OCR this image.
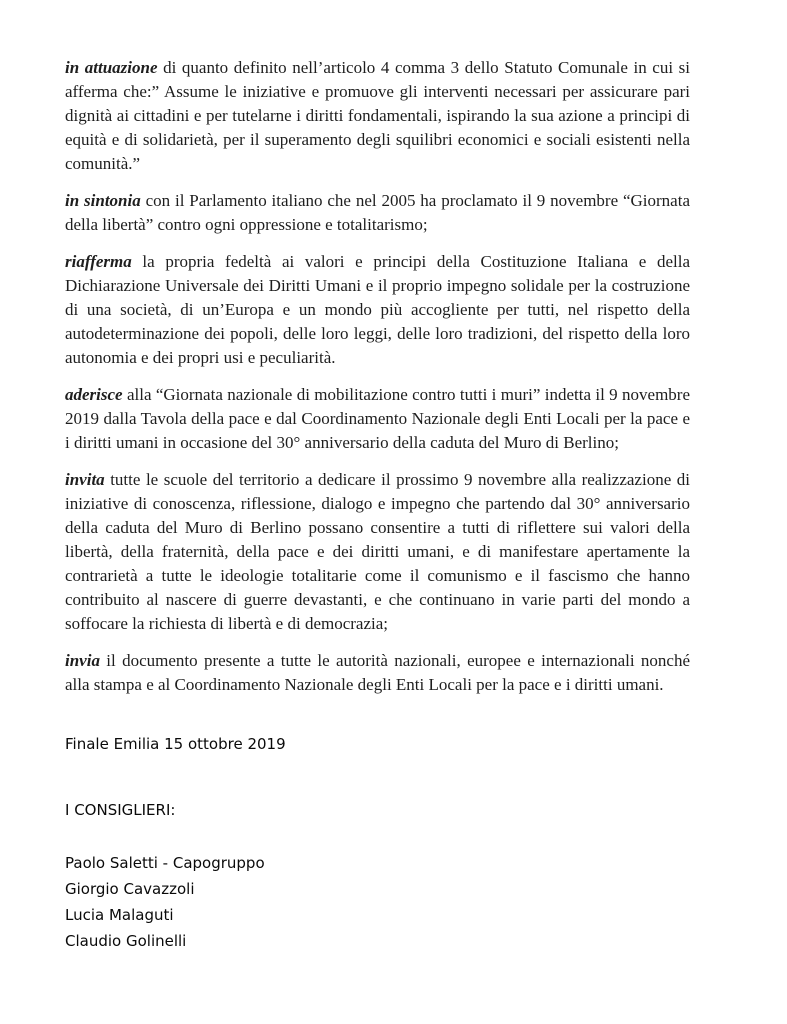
in attuazione di quanto definito nell’articolo 4 comma 3 dello Statuto Comunale in cui si afferma che:” Assume le iniziative e promuove gli interventi necessari per assicurare pari dignità ai cittadini e per tutelarne i diritti fondamentali, ispirando la sua azione a principi di equità e di solidarietà, per il superamento degli squilibri economici e sociali esistenti nella comunità.”

in sintonia con il Parlamento italiano che nel 2005 ha proclamato il 9 novembre “Giornata della libertà” contro ogni oppressione e totalitarismo;

riafferma la propria fedeltà ai valori e principi della Costituzione Italiana e della Dichiarazione Universale dei Diritti Umani e il proprio impegno solidale per la costruzione di una società, di un’Europa e un mondo più accogliente per tutti, nel rispetto della autodeterminazione dei popoli, delle loro leggi, delle loro tradizioni, del rispetto della loro autonomia e dei propri usi e peculiarità.

aderisce alla “Giornata nazionale di mobilitazione contro tutti i muri” indetta il 9 novembre 2019 dalla Tavola della pace e dal Coordinamento Nazionale degli Enti Locali per la pace e i diritti umani in occasione del 30° anniversario della caduta del Muro di Berlino;

invita tutte le scuole del territorio a dedicare il prossimo 9 novembre alla realizzazione di iniziative di conoscenza, riflessione, dialogo e impegno che partendo dal 30° anniversario della caduta del Muro di Berlino possano consentire a tutti di riflettere sui valori della libertà, della fraternità, della pace e dei diritti umani, e di manifestare apertamente la contrarietà a tutte le ideologie totalitarie come il comunismo e il fascismo che hanno contribuito al nascere di guerre devastanti, e che continuano in varie parti del mondo a soffocare la richiesta di libertà e di democrazia;

invia il documento presente a tutte le autorità nazionali, europee e internazionali nonché alla stampa e al Coordinamento Nazionale degli Enti Locali per la pace e i diritti umani.

Finale Emilia 15 ottobre 2019
I CONSIGLIERI:
Paolo Saletti - Capogruppo
Giorgio Cavazzoli
Lucia Malaguti
Claudio Golinelli
